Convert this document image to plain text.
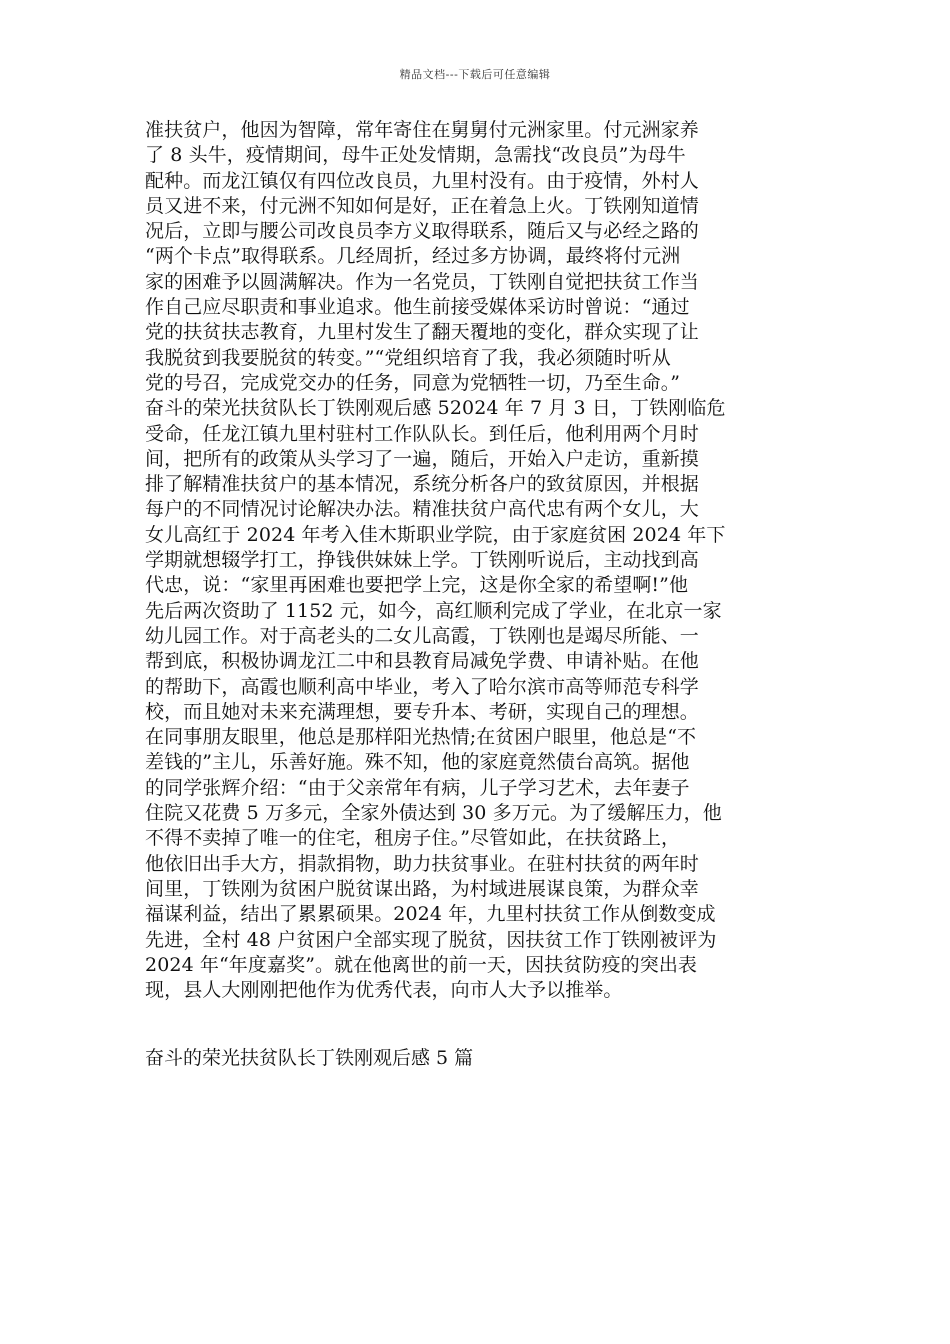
精品文档---下载后可任意编辑
准扶贫户，他因为智障，常年寄住在舅舅付元洲家里。付元洲家养
了 8 头牛，疫情期间，母牛正处发情期，急需找“改良员”为母牛
配种。而龙江镇仅有四位改良员，九里村没有。由于疫情，外村人
员又进不来，付元洲不知如何是好，正在着急上火。丁铁刚知道情
况后，立即与腰公司改良员李方义取得联系，随后又与必经之路的
“两个卡点”取得联系。几经周折，经过多方协调，最终将付元洲
家的困难予以圆满解决。作为一名党员，丁铁刚自觉把扶贫工作当
作自己应尽职责和事业追求。他生前接受媒体采访时曾说：“通过
党的扶贫扶志教育，九里村发生了翻天覆地的变化，群众实现了让
我脱贫到我要脱贫的转变。”“党组织培育了我，我必须随时听从
党的号召，完成党交办的任务，同意为党牺牲一切，乃至生命。”
奋斗的荣光扶贫队长丁铁刚观后感 52024 年 7 月 3 日，丁铁刚临危
受命，任龙江镇九里村驻村工作队队长。到任后，他利用两个月时
间，把所有的政策从头学习了一遍，随后，开始入户走访，重新摸
排了解精准扶贫户的基本情况，系统分析各户的致贫原因，并根据
每户的不同情况讨论解决办法。精准扶贫户高代忠有两个女儿，大
女儿高红于 2024 年考入佳木斯职业学院，由于家庭贫困 2024 年下
学期就想辍学打工，挣钱供妹妹上学。丁铁刚听说后，主动找到高
代忠，说：“家里再困难也要把学上完，这是你全家的希望啊!”他
先后两次资助了 1152 元，如今，高红顺利完成了学业，在北京一家
幼儿园工作。对于高老头的二女儿高霞，丁铁刚也是竭尽所能、一
帮到底，积极协调龙江二中和县教育局减免学费、申请补贴。在他
的帮助下，高霞也顺利高中毕业，考入了哈尔滨市高等师范专科学
校，而且她对未来充满理想，要专升本、考研，实现自己的理想。
在同事朋友眼里，他总是那样阳光热情;在贫困户眼里，他总是“不
差钱的”主儿，乐善好施。殊不知，他的家庭竟然债台高筑。据他
的同学张辉介绍：“由于父亲常年有病，儿子学习艺术，去年妻子
住院又花费 5 万多元，全家外债达到 30 多万元。为了缓解压力，他
不得不卖掉了唯一的住宅，租房子住。”尽管如此，在扶贫路上，
他依旧出手大方，捐款捐物，助力扶贫事业。在驻村扶贫的两年时
间里，丁铁刚为贫困户脱贫谋出路，为村域进展谋良策，为群众幸
福谋利益，结出了累累硕果。2024 年，九里村扶贫工作从倒数变成
先进，全村 48 户贫困户全部实现了脱贫，因扶贫工作丁铁刚被评为
2024 年“年度嘉奖”。就在他离世的前一天，因扶贫防疫的突出表
现，县人大刚刚把他作为优秀代表，向市人大予以推举。
奋斗的荣光扶贫队长丁铁刚观后感 5 篇
